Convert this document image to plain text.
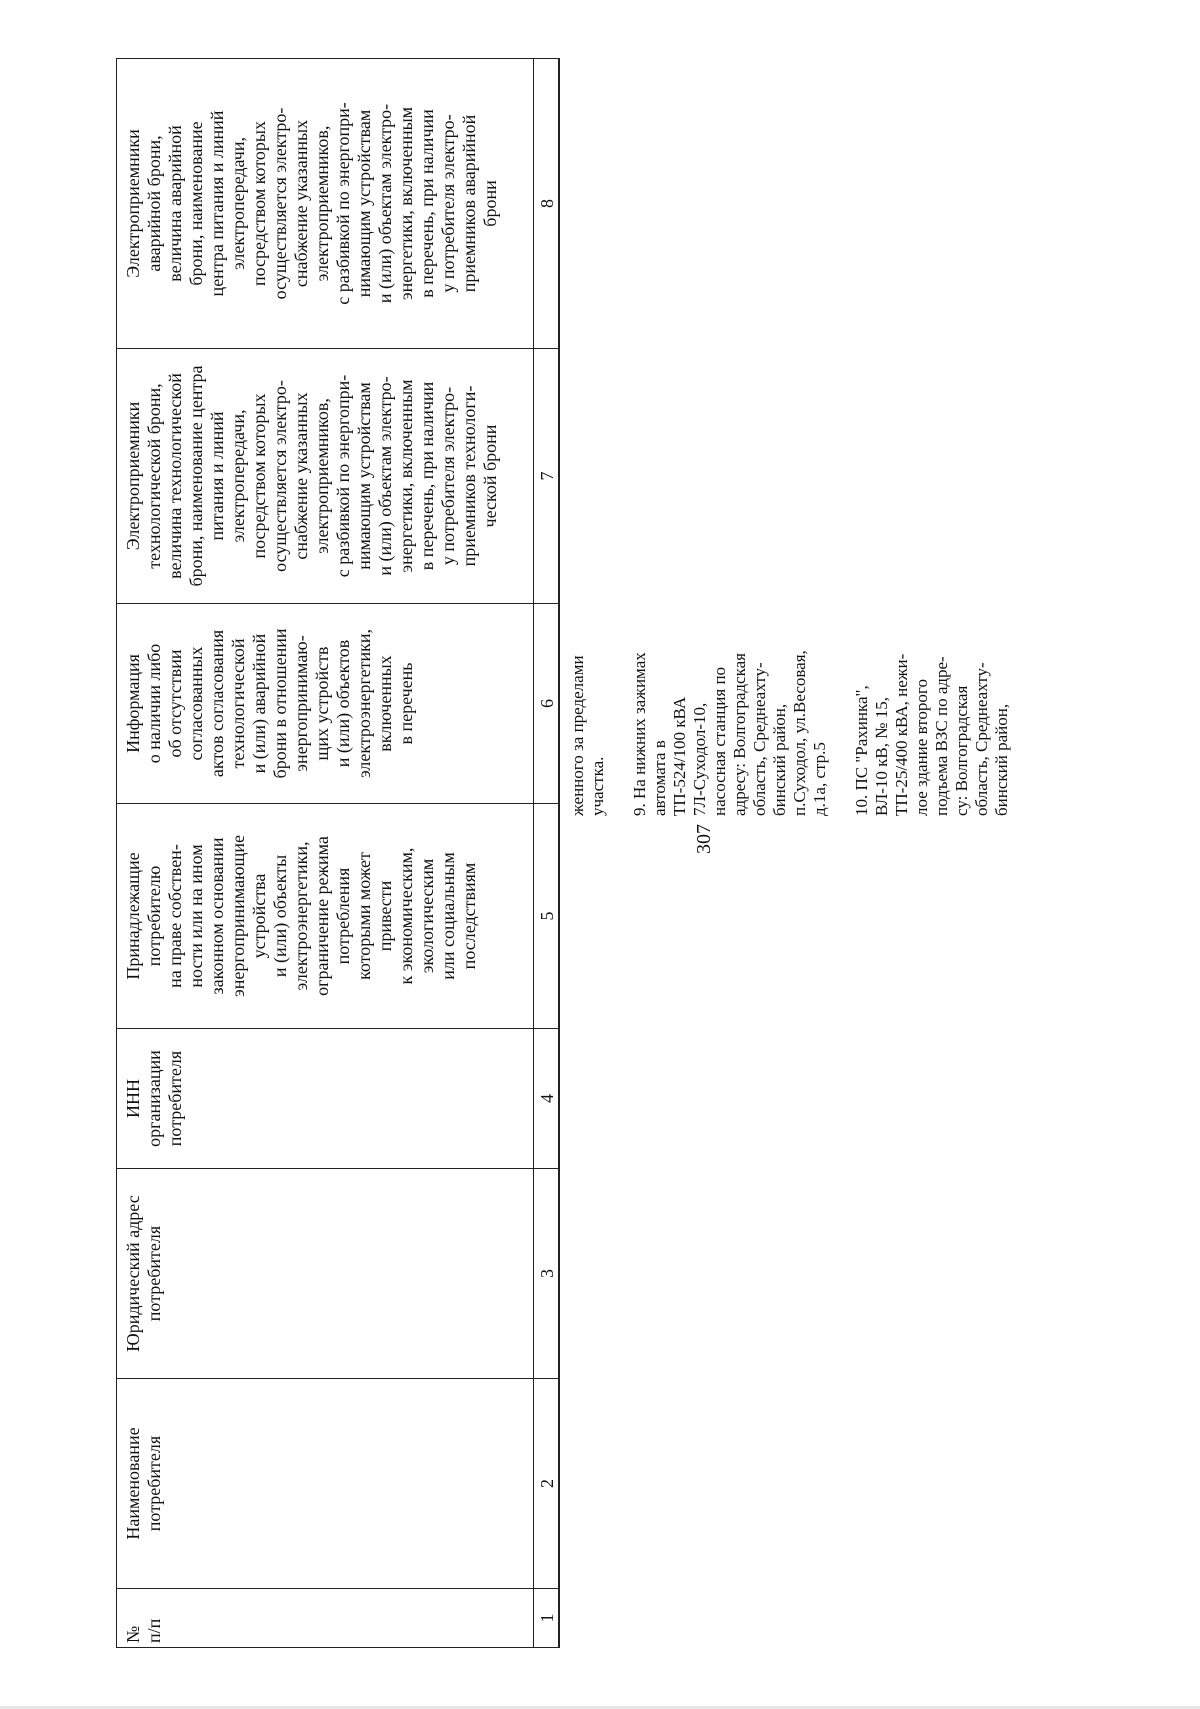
307
№
п/п
Наименование
потребителя
Юридический адрес
потребителя
ИНН
организации
потребителя
Принадлежащие
потребителю
на праве собствен-
ности или на ином
законном основании
энергопринимающие
устройства
и (или) объекты
электроэнергетики,
ограничение режима
потребления
которыми может
привести
к экономическим,
экологическим
или социальным
последствиям
Информация
о наличии либо
об отсутствии
согласованных
актов согласования
технологической
и (или) аварийной
брони в отношении
энергопринимаю-
щих устройств
и (или) объектов
электроэнергетики,
включенных
в перечень
Электроприемники
технологической брони,
величина технологической
брони, наименование центра
питания и линий
электропередачи,
посредством которых
осуществляется электро-
снабжение указанных
электроприемников,
с разбивкой по энергопри-
нимающим устройствам
и (или) объектам электро-
энергетики, включенным
в перечень, при наличии
у потребителя электро-
приемников технологи-
ческой брони
Электроприемники
аварийной брони,
величина аварийной
брони, наименование
центра питания и линий
электропередачи,
посредством которых
осуществляется электро-
снабжение указанных
электроприемников,
с разбивкой по энергопри-
нимающим устройствам
и (или) объектам электро-
энергетики, включенным
в перечень, при наличии
у потребителя электро-
приемников аварийной
брони
1
2
3
4
5
6
7
8

женного за пределами
участка. 9. На нижних зажимах
автомата в
ТП-524/100 кВА
7Л-Суходол-10,
насосная станция по
адресу: Волгоградская
область, Среднеахту-
бинский район,
п.Суходол, ул.Весовая,
д.1а, стр.5

10. ПС "Рахинка",
ВЛ-10 кВ, № 15,
ТП-25/400 кВА, нежи-
лое здание второго
подъема ВЗС по адре-
су: Волгоградская
область, Среднеахту-
бинский район,
